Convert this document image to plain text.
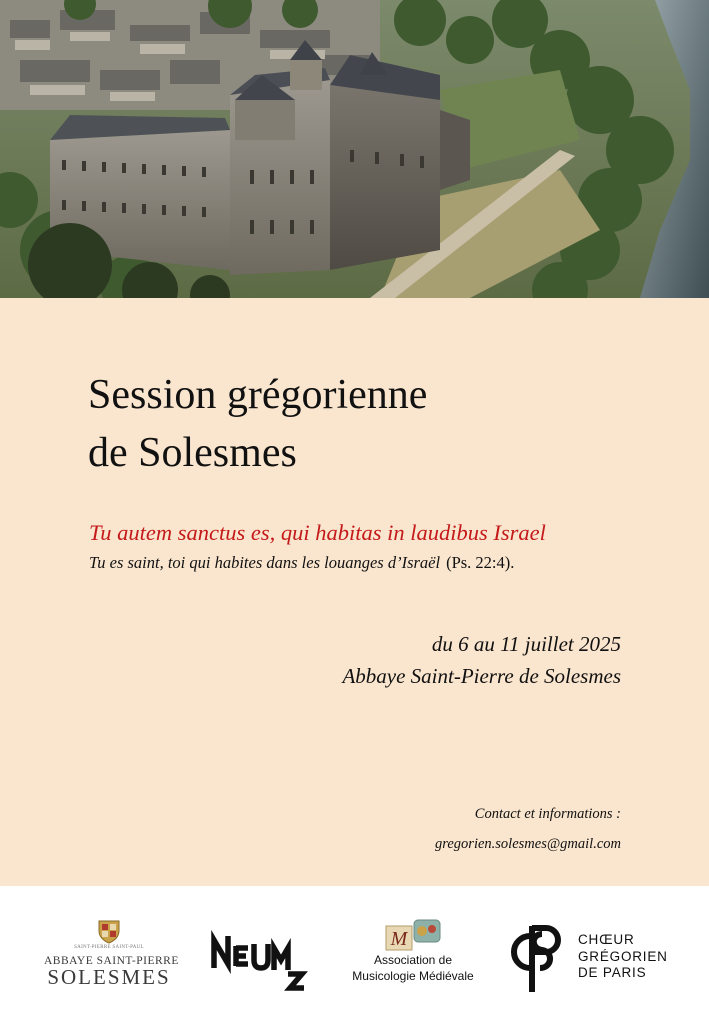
Session grégorienne
de Solesmes
Tu autem sanctus es, qui habitas in laudibus Israel
Tu es saint, toi qui habites dans les louanges d’Israël (Ps. 22:4).
du 6 au 11 juillet 2025
Abbaye Saint-Pierre de Solesmes
Contact et informations :
gregorien.solesmes@gmail.com
SAINT-PIERRE SAINT-PAUL
ABBAYE SAINT-PIERRE
SOLESMES
M
Association de
Musicologie Médiévale
CHŒUR
GRÉGORIEN
DE PARIS
